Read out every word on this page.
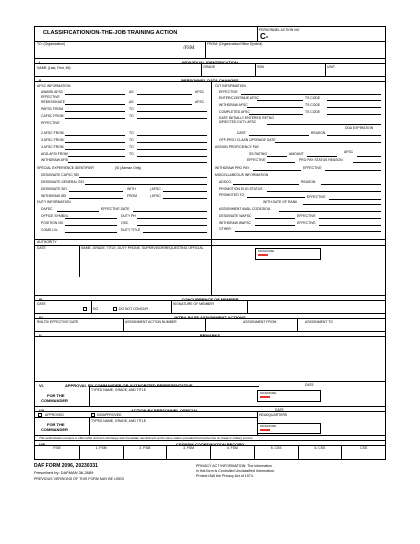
CLASSIFICATION/ON-THE-JOB TRAINING ACTION	PERSONNEL ACTION NO
C-
TO: (Organization)
/FSM
FROM: (Organization/Office Symbol)
I.	INDIVIDUAL IDENTIFICATION
NAME (Last, First, MI)	GRADE	SSN	UNIT
II.	PERSONNEL DATA CHANGES
AFSC INFORMATION
AWARD AFSC	AS	AFSC
EFFECTIVE
REDESIGNATE	AS	AFSC
PAFSC FROM	TO
CAFSC FROM	TO
EFFECTIVE
2 AFSC FROM	TO
3 AFSC FROM	TO
4 AFSC FROM	TO
ADD-AFSI FROM	TO
WITHDRAW AFSI
SPECIAL EXPERIENCE IDENTIFIER	(SI (Airman Only)
DESIGNATE CAFSC SEI
DESIGNATE GENERAL SEI
DESIGNATE SEI	WITH	| AFSC
WITHDRAW SEI	FROM	| AFSC
DUTY INFORMATION
DAFSC	EFFECTIVE DATE
OFFICE SYMBOL	DUTY PH
POSITION NO	OSC
COMD LVL	DUTY TITLE
OJT INFORMATION
EFFECTIVE
ENTER/CONTINUE AFSC	TS CODE
WITHDRAW AFSC	TS CODE
COMPLETED AFSC	TS CODE
DATE INITIALLY ENTERED RETNG
DIRECTED DUTY AFSC
DDA EXPIRATION
DATE	REASON
OFF-PROJ CLASN UPGRADE DATE
ASSIGN PROFICIENCY PAY
SS RATING	AMOUNT	AFSC
EFFECTIVE	PRO PAY STATUS REASON
WITHDRAW PRO PAY	EFFECTIVE
MISCELLANEOUS INFORMATION
ADSCO	REASON
PROMOTION ELIG STATUS
PROMOTED TO	EFFECTIVE
WITH DATE OF RANK
ASSIGNMENT AVAIL CODE/DOA
DESIGNATE WAFSC	EFFECTIVE
WITHDRAW WAFSC	EFFECTIVE
OTHER
AUTHORITY
DATE	NAME, GRADE, TITLE, DUTY PHONE, SUPERVISOR/REQUESTING OFFICIAL
SIGNATURE
III.	CONCURRENCE OF MEMBER
DATE
DO	DO NOT CONCUR
SIGNATURE OF MEMBER
IV.	INTRA-BASE ASSIGNMENT ACTIONS
RNLTD/ EFFECTIVE DATE	ASSIGNMENT ACTION NUMBER	ASSIGNMENT FROM	ASSIGNMENT TO
V.	REMARKS
VI.	APPROVAL BY COMMANDER OR AUTHORIZED REPRESENTATIVE	DATE
FOR THE
COMMANDER
TYPED NAME, GRADE, AND TITLE
SIGNATURE
VII.	ACTION BY PERSONNEL OFFICIAL	DATE
APPROVED	DISAPPROVED	HEADQUARTERS
FOR THE
COMMANDER
TYPED NAME, GRADE, AND TITLE
SIGNATURE
This authorization remains in effect after Airman's discharge and immediate reenlistment at the same station provided that he/she has no break in military service.
VIII.	CSS/FSM COORDINATION RECORD
FSM	1. FSM	2. FSM	3. FSM	4. FSM	5. CSS	6. CSS	CSS
DAF FORM 2096, 20230331
Prescribed by: DAFMAN 36-2689
PREVIOUS VERSIONS OF THIS FORM MAY BE USED
PRIVACY ACT INFORMATION: The information
in this form is Controlled Unclassified Information.
Protect IAW the Privacy Act of 1974.
